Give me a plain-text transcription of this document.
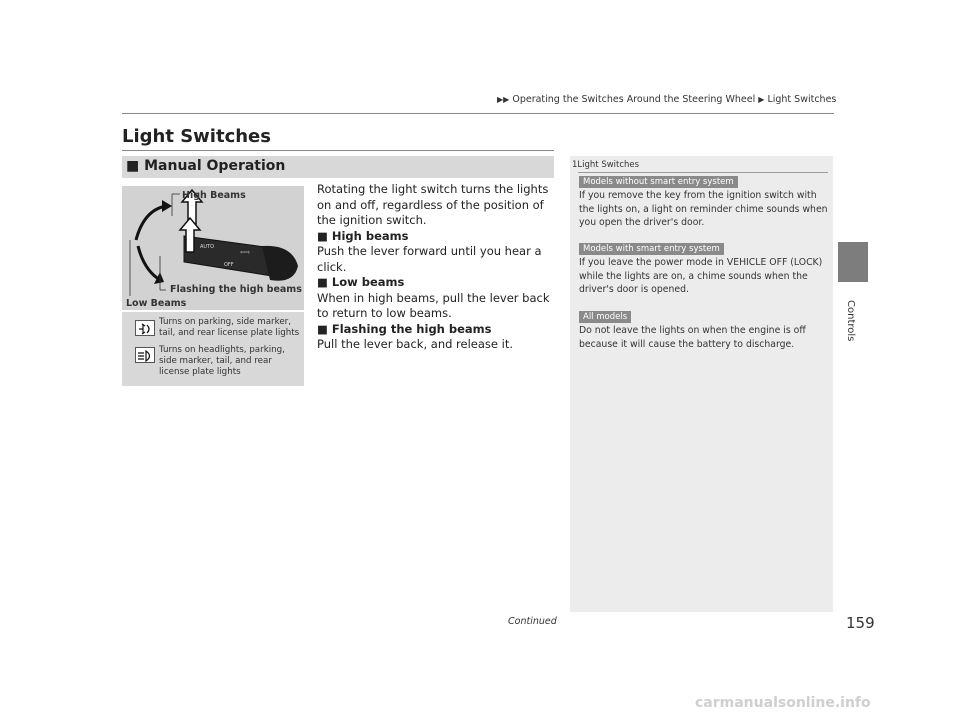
▶▶ Operating the Switches Around the Steering Wheel ▶ Light Switches
Controls
Light Switches
■ Manual Operation
AUTO
⇦⇨
OFF
High Beams
Flashing the high beams
Low Beams
Turns on parking, side marker, tail, and rear license plate lights
Turns on headlights, parking, side marker, tail, and rear license plate lights

Rotating the light switch turns the lights on and off, regardless of the position of the ignition switch.

■ High beams

Push the lever forward until you hear a click.

■ Low beams

When in high beams, pull the lever back to return to low beams.

■ Flashing the high beams

Pull the lever back, and release it.

1Light Switches
Models without smart entry system
If you remove the key from the ignition switch with the lights on, a light on reminder chime sounds when you open the driver's door.
Models with smart entry system
If you leave the power mode in VEHICLE OFF (LOCK) while the lights are on, a chime sounds when the driver's door is opened.
All models
Do not leave the lights on when the engine is off because it will cause the battery to discharge.
Continued	159
carmanualsonline.info
